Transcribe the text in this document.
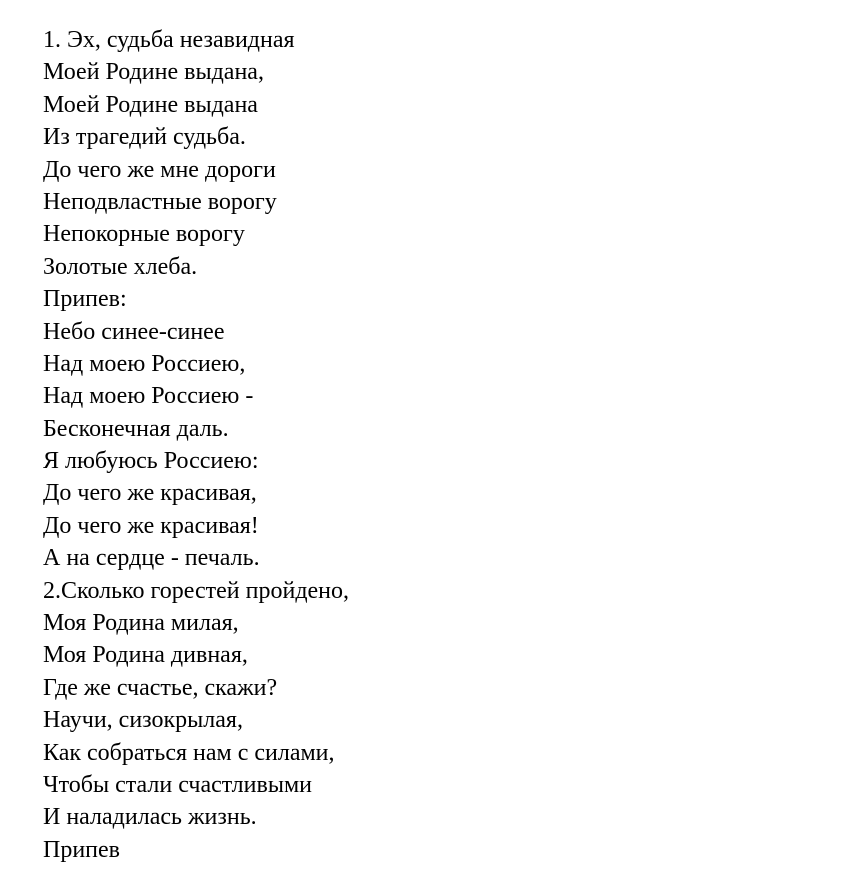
1. Эх, судьба незавидная
Моей Родине выдана,
Моей Родине выдана
Из трагедий судьба.
До чего же мне дороги
Неподвластные ворогу
Непокорные ворогу
Золотые хлеба.
Припев:
Небо синее-синее
Над моею Россиею,
Над моею Россиею -
Бесконечная даль.
Я любуюсь Россиею:
До чего же красивая,
До чего же красивая!
А на сердце - печаль.
2.Сколько горестей пройдено,
Моя Родина милая,
Моя Родина дивная,
Где же счастье, скажи?
Научи, сизокрылая,
Как собраться нам с силами,
Чтобы стали счастливыми
И наладилась жизнь.
Припев
